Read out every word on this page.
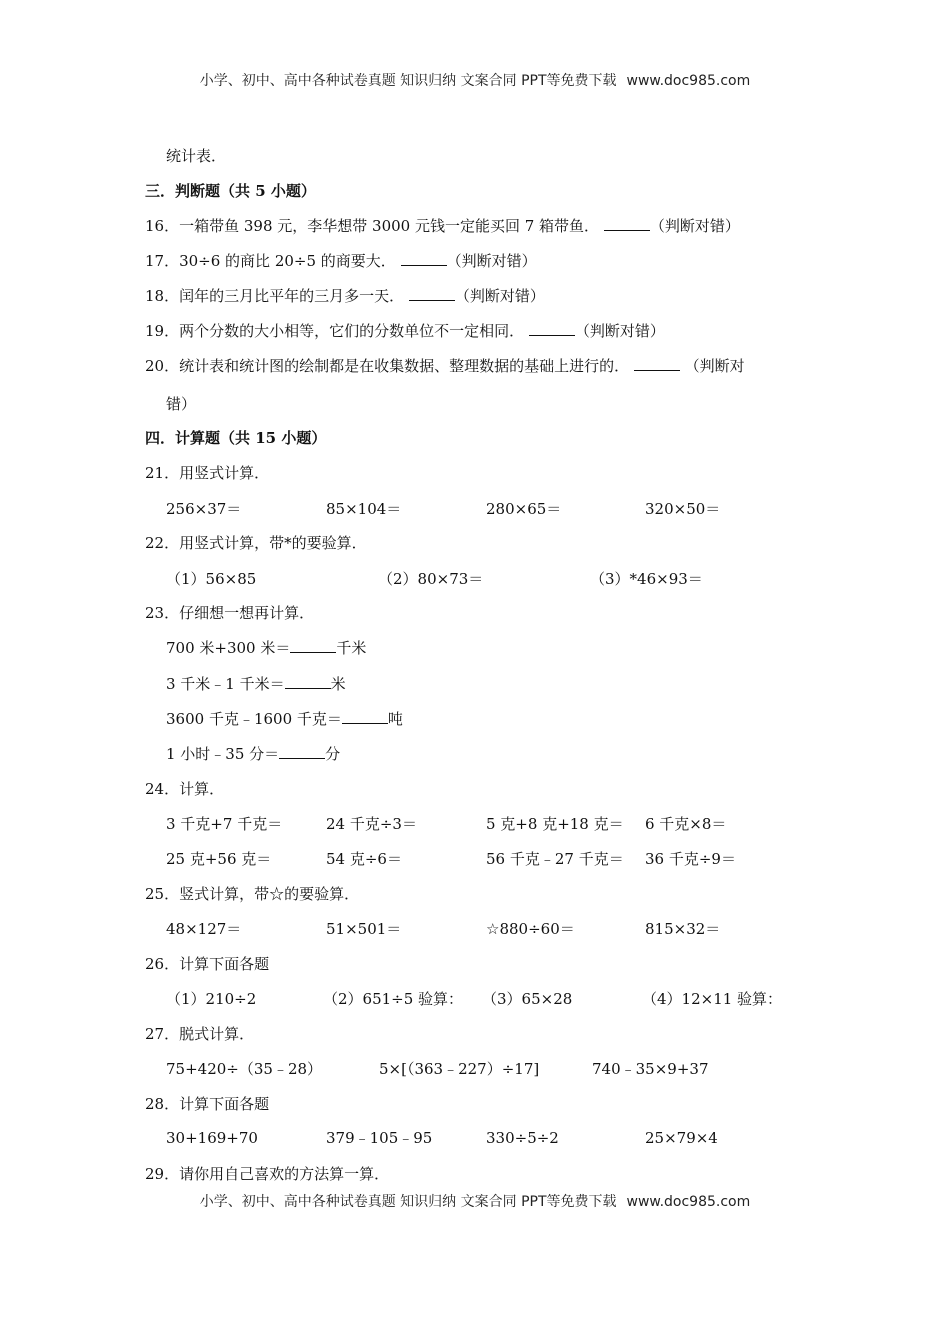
小学、初中、高中各种试卷真题 知识归纳 文案合同 PPT等免费下载 www.doc985.com
统计表．
三．判断题（共 5 小题）
16．一箱带鱼 398 元，李华想带 3000 元钱一定能买回 7 箱带鱼．	（判断对错）
17．30÷6 的商比 20÷5 的商要大．	（判断对错）
18．闰年的三月比平年的三月多一天．	（判断对错）
19．两个分数的大小相等，它们的分数单位不一定相同．	（判断对错）
20．统计表和统计图的绘制都是在收集数据、整理数据的基础上进行的．	（判断对
错）
四．计算题（共 15 小题）
21．用竖式计算．
256×37＝	85×104＝	280×65＝	320×50＝
22．用竖式计算，带*的要验算．
（1）56×85	（2）80×73＝	（3）*46×93＝
23．仔细想一想再计算．
700 米+300 米＝	千米
3 千米﹣1 千米＝	米
3600 千克﹣1600 千克＝	吨
1 小时﹣35 分＝	分
24．计算．
3 千克+7 千克＝	24 千克÷3＝	5 克+8 克+18 克＝ 6 千克×8＝
25 克+56 克＝	54 克÷6＝	56 千克﹣27 千克＝ 36 千克÷9＝
25．竖式计算，带☆的要验算．
48×127＝	51×501＝	☆880÷60＝	815×32＝
26．计算下面各题
（1）210÷2	（2）651÷5 验算： （3）65×28	（4）12×11 验算：
27．脱式计算．
75+420÷（35﹣28）	5×[（363﹣227）÷17]	740﹣35×9+37
28．计算下面各题
30+169+70	379﹣105﹣95	330÷5÷2	25×79×4
29．请你用自己喜欢的方法算一算．
小学、初中、高中各种试卷真题 知识归纳 文案合同 PPT等免费下载 www.doc985.com
